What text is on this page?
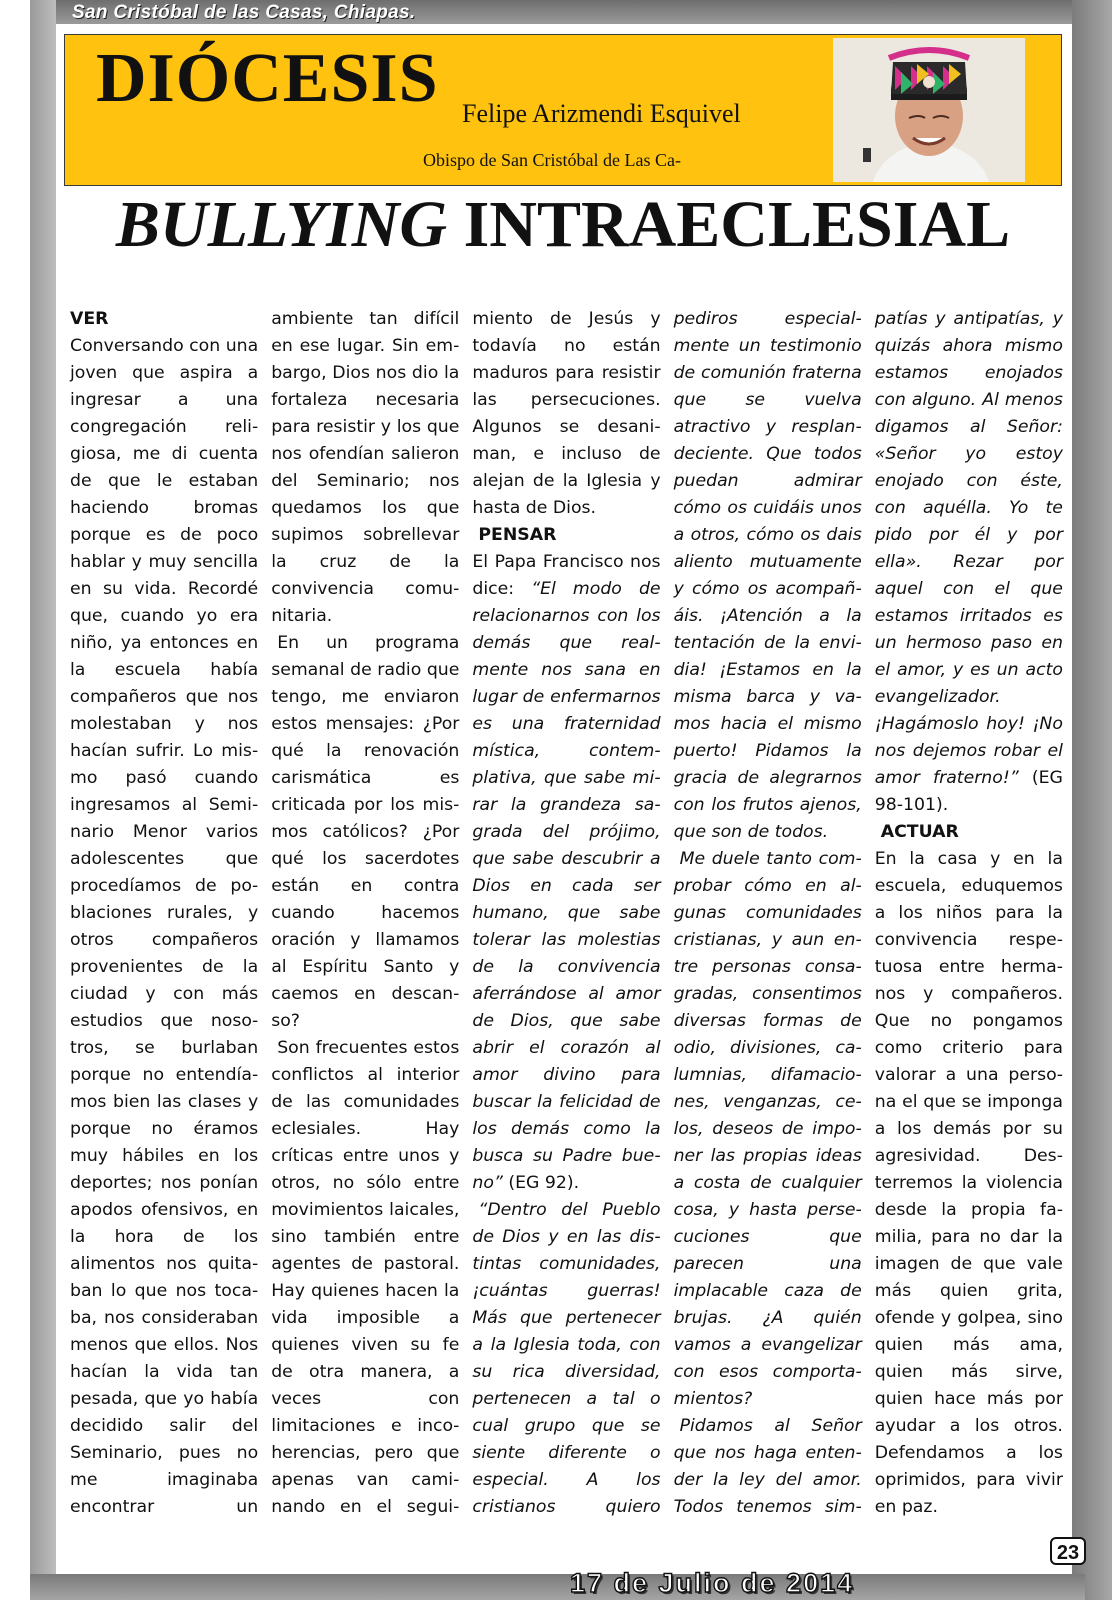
San Cristóbal de las Casas, Chiapas.
DIÓCESIS Felipe Arizmendi Esquivel
Obispo de San Cristóbal de Las Ca-
BULLYING INTRAECLESIAL
VER

Conversando con una joven que aspira a ingresar a una congregación religiosa, me di cuenta de que le estaban haciendo bromas porque es de poco hablar y muy sencilla en su vida. Recordé que, cuando yo era niño, ya entonces en la escuela había compañeros que nos molestaban y nos hacían sufrir. Lo mismo pasó cuando ingresamos al Seminario Menor varios adolescentes que procedíamos de poblaciones rurales, y otros compañeros provenientes de la ciudad y con más estudios que nosotros, se burlaban porque no entendíamos bien las clases y porque no éramos muy hábiles en los deportes; nos ponían apodos ofensivos, en la hora de los alimentos nos quitaban lo que nos tocaba, nos consideraban menos que ellos. Nos hacían la vida tan pesada, que yo había decidido salir del Seminario, pues no me imaginaba encontrar un ambiente tan difícil en ese lugar. Sin embargo, Dios nos dio la fortaleza necesaria para resistir y los que nos ofendían salieron del Seminario; nos quedamos los que supimos sobrellevar la cruz de la convivencia comunitaria.

En un programa semanal de radio que tengo, me enviaron estos mensajes: ¿Por qué la renovación carismática es criticada por los mismos católicos? ¿Por qué los sacerdotes están en contra cuando hacemos oración y llamamos al Espíritu Santo y caemos en descanso?

Son frecuentes estos conflictos al interior de las comunidades eclesiales. Hay críticas entre unos y otros, no sólo entre movimientos laicales, sino también entre agentes de pastoral. Hay quienes hacen la vida imposible a quienes viven su fe de otra manera, a veces con limitaciones e incoherencias, pero que apenas van caminando en el seguimiento de Jesús y todavía no están maduros para resistir las persecuciones. Algunos se desaniman, e incluso de alejan de la Iglesia y hasta de Dios.

PENSAR

El Papa Francisco nos dice: “El modo de relacionarnos con los demás que realmente nos sana en lugar de enfermarnos es una fraternidad mística, contemplativa, que sabe mirar la grandeza sagrada del prójimo, que sabe descubrir a Dios en cada ser humano, que sabe tolerar las molestias de la convivencia aferrándose al amor de Dios, que sabe abrir el corazón al amor divino para buscar la felicidad de los demás como la busca su Padre bueno” (EG 92).

“Dentro del Pueblo de Dios y en las distintas comunidades, ¡cuántas guerras! Más que pertenecer a la Iglesia toda, con su rica diversidad, pertenecen a tal o cual grupo que se siente diferente o especial. A los cristianos quiero pediros especialmente un testimonio de comunión fraterna que se vuelva atractivo y resplandeciente. Que todos puedan admirar cómo os cuidáis unos a otros, cómo os dais aliento mutuamente y cómo os acompañáis. ¡Atención a la tentación de la envidia! ¡Estamos en la misma barca y vamos hacia el mismo puerto! Pidamos la gracia de alegrarnos con los frutos ajenos, que son de todos.

Me duele tanto comprobar cómo en algunas comunidades cristianas, y aun entre personas consagradas, consentimos diversas formas de odio, divisiones, calumnias, difamaciones, venganzas, celos, deseos de imponer las propias ideas a costa de cualquier cosa, y hasta persecuciones que parecen una implacable caza de brujas. ¿A quién vamos a evangelizar con esos comportamientos?

Pidamos al Señor que nos haga entender la ley del amor. Todos tenemos simpatías y antipatías, y quizás ahora mismo estamos enojados con alguno. Al menos digamos al Señor: «Señor yo estoy enojado con éste, con aquélla. Yo te pido por él y por ella». Rezar por aquel con el que estamos irritados es un hermoso paso en el amor, y es un acto evangelizador. ¡Hagámoslo hoy! ¡No nos dejemos robar el amor fraterno!” (EG 98-101).

ACTUAR

En la casa y en la escuela, eduquemos a los niños para la convivencia respetuosa entre hermanos y compañeros. Que no pongamos como criterio para valorar a una persona el que se imponga a los demás por su agresividad. Desterremos la violencia desde la propia familia, para no dar la imagen de que vale más quien grita, ofende y golpea, sino quien más ama, quien más sirve, quien hace más por ayudar a los otros. Defendamos a los oprimidos, para vivir en paz.

17 de Julio de 2014
23
